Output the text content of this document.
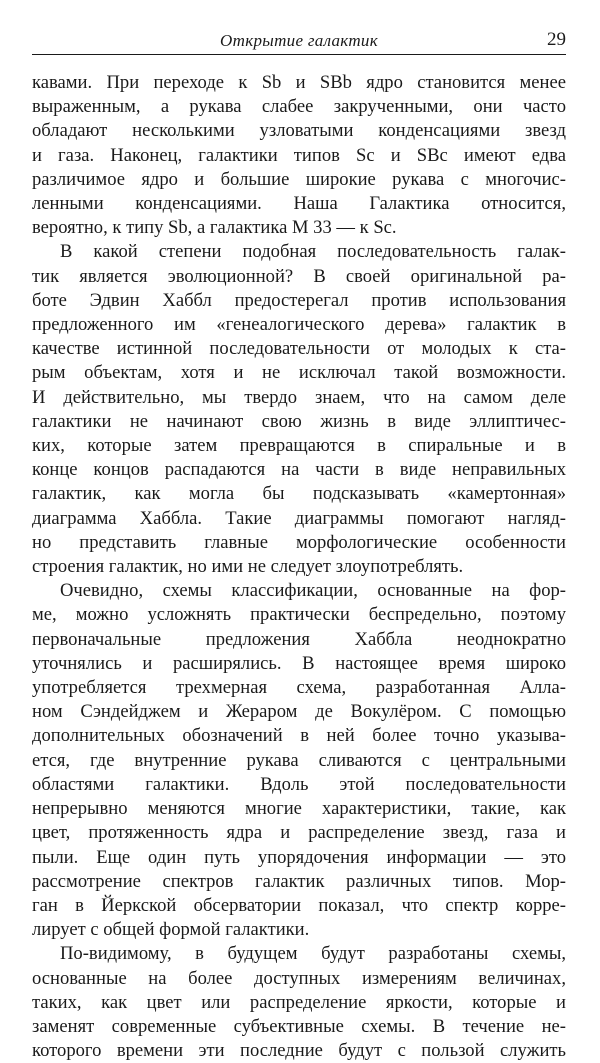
Открытие галактик	29

кавами. При переходе к Sb и SBb ядро становится менее
выраженным, а рукава слабее закрученными, они часто
обладают несколькими узловатыми конденсациями звезд
и газа. Наконец, галактики типов Sc и SBc имеют едва
различимое ядро и большие широкие рукава с многочис-
ленными конденсациями. Наша Галактика относится,
вероятно, к типу Sb, а галактика M 33 — к Sc.

В какой степени подобная последовательность галак-
тик является эволюционной? В своей оригинальной ра-
боте Эдвин Хаббл предостерегал против использования
предложенного им «генеалогического дерева» галактик в
качестве истинной последовательности от молодых к ста-
рым объектам, хотя и не исключал такой возможности.
И действительно, мы твердо знаем, что на самом деле
галактики не начинают свою жизнь в виде эллиптичес-
ких, которые затем превращаются в спиральные и в
конце концов распадаются на части в виде неправильных
галактик, как могла бы подсказывать «камертонная»
диаграмма Хаббла. Такие диаграммы помогают нагляд-
но представить главные морфологические особенности
строения галактик, но ими не следует злоупотреблять.

Очевидно, схемы классификации, основанные на фор-
ме, можно усложнять практически беспредельно, поэтому
первоначальные предложения Хаббла неоднократно
уточнялись и расширялись. В настоящее время широко
употребляется трехмерная схема, разработанная Алла-
ном Сэндейджем и Жераром де Вокулёром. С помощью
дополнительных обозначений в ней более точно указыва-
ется, где внутренние рукава сливаются с центральными
областями галактики. Вдоль этой последовательности
непрерывно меняются многие характеристики, такие, как
цвет, протяженность ядра и распределение звезд, газа и
пыли. Еще один путь упорядочения информации — это
рассмотрение спектров галактик различных типов. Мор-
ган в Йеркской обсерватории показал, что спектр корре-
лирует с общей формой галактики.

По-видимому, в будущем будут разработаны схемы,
основанные на более доступных измерениям величинах,
таких, как цвет или распределение яркости, которые и
заменят современные субъективные схемы. В течение не-
которого времени эти последние будут с пользой служить
